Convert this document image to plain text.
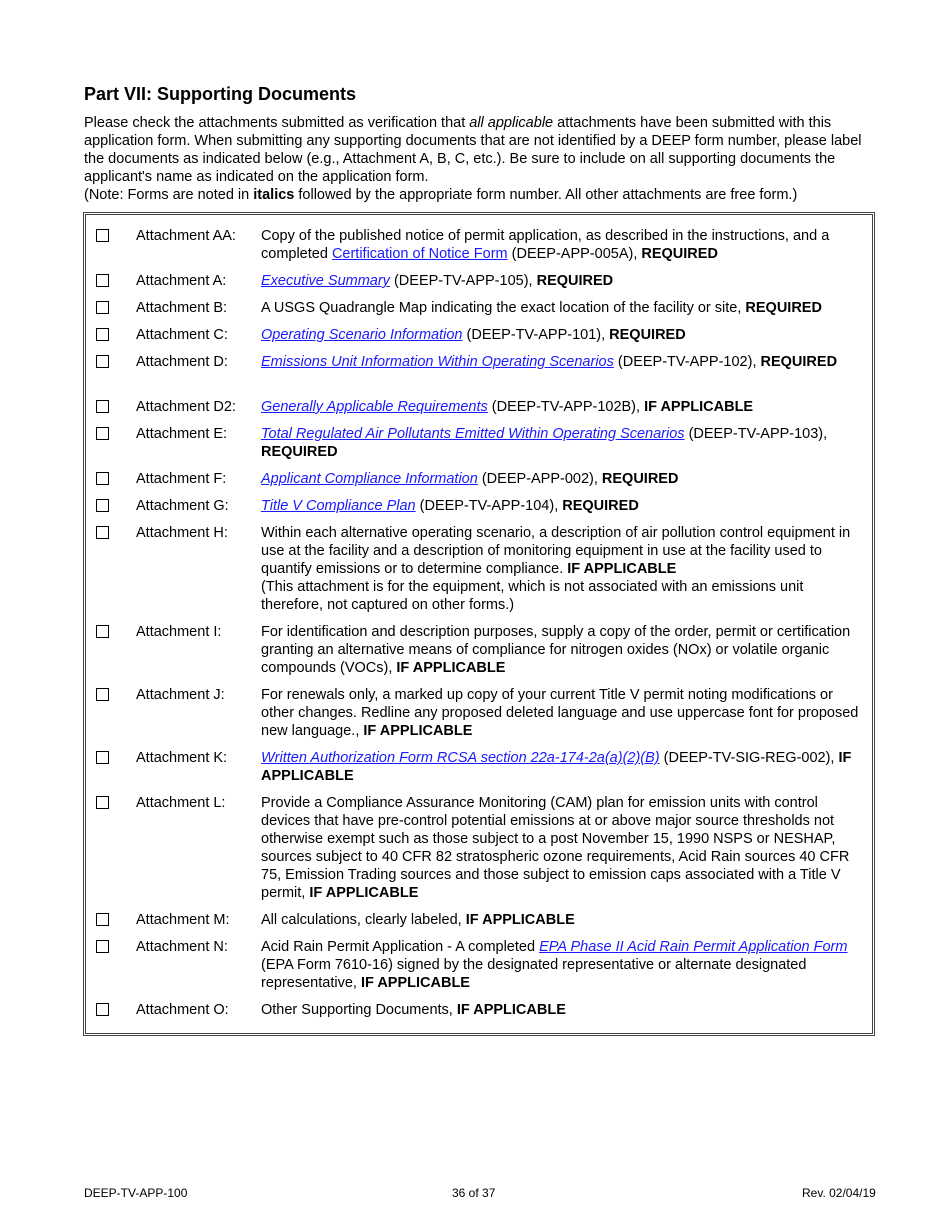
Part VII: Supporting Documents

Please check the attachments submitted as verification that all applicable attachments have been submitted with this application form. When submitting any supporting documents that are not identified by a DEEP form number, please label the documents as indicated below (e.g., Attachment A, B, C, etc.). Be sure to include on all supporting documents the applicant's name as indicated on the application form.
(Note: Forms are noted in italics followed by the appropriate form number. All other attachments are free form.)

Attachment AA: Copy of the published notice of permit application, as described in the instructions, and a completed Certification of Notice Form (DEEP-APP-005A), REQUIRED
Attachment A: Executive Summary (DEEP-TV-APP-105), REQUIRED
Attachment B: A USGS Quadrangle Map indicating the exact location of the facility or site, REQUIRED
Attachment C: Operating Scenario Information (DEEP-TV-APP-101), REQUIRED
Attachment D: Emissions Unit Information Within Operating Scenarios (DEEP-TV-APP-102), REQUIRED
Attachment D2: Generally Applicable Requirements (DEEP-TV-APP-102B), IF APPLICABLE
Attachment E: Total Regulated Air Pollutants Emitted Within Operating Scenarios (DEEP-TV-APP-103), REQUIRED
Attachment F: Applicant Compliance Information (DEEP-APP-002), REQUIRED
Attachment G: Title V Compliance Plan (DEEP-TV-APP-104), REQUIRED
Attachment H: Within each alternative operating scenario, a description of air pollution control equipment in use at the facility and a description of monitoring equipment in use at the facility used to quantify emissions or to determine compliance. IF APPLICABLE
(This attachment is for the equipment, which is not associated with an emissions unit therefore, not captured on other forms.)
Attachment I:	For identification and description purposes, supply a copy of the order, permit or certification granting an alternative means of compliance for nitrogen oxides (NOx) or volatile organic compounds (VOCs), IF APPLICABLE
Attachment J:	For renewals only, a marked up copy of your current Title V permit noting modifications or other changes. Redline any proposed deleted language and use uppercase font for proposed new language., IF APPLICABLE
Attachment K: Written Authorization Form RCSA section 22a-174-2a(a)(2)(B) (DEEP-TV-SIG-REG-002), IF APPLICABLE
Attachment L: Provide a Compliance Assurance Monitoring (CAM) plan for emission units with control devices that have pre-control potential emissions at or above major source thresholds not otherwise exempt such as those subject to a post November 15, 1990 NSPS or NESHAP, sources subject to 40 CFR 82 stratospheric ozone requirements, Acid Rain sources 40 CFR 75, Emission Trading sources and those subject to emission caps associated with a Title V permit, IF APPLICABLE
Attachment M: All calculations, clearly labeled, IF APPLICABLE
Attachment N: Acid Rain Permit Application - A completed EPA Phase II Acid Rain Permit Application Form (EPA Form 7610-16) signed by the designated representative or alternate designated representative, IF APPLICABLE
Attachment O: Other Supporting Documents, IF APPLICABLE
DEEP-TV-APP-100	36 of 37	Rev. 02/04/19
